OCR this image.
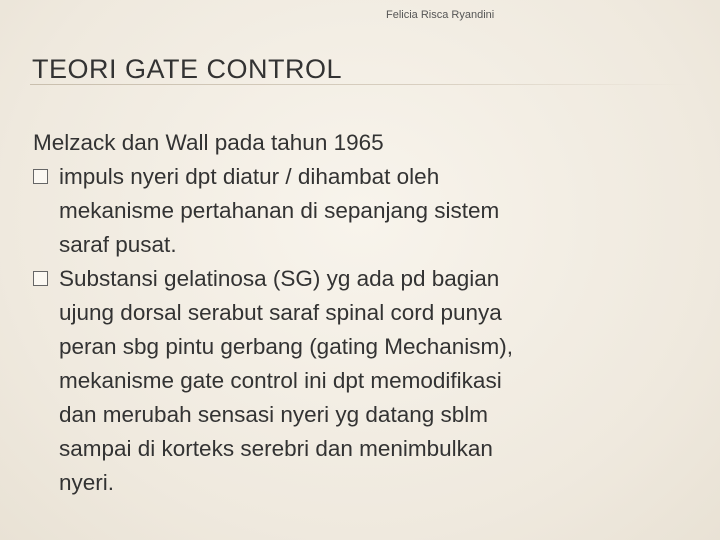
Felicia Risca Ryandini
TEORI GATE CONTROL

Melzack dan Wall pada tahun 1965

impuls nyeri dpt diatur / dihambat oleh
mekanisme pertahanan di sepanjang sistem
saraf pusat.
Substansi gelatinosa (SG) yg ada pd bagian
ujung dorsal serabut saraf spinal cord punya
peran sbg pintu gerbang (gating Mechanism),
mekanisme gate control ini dpt memodifikasi
dan merubah sensasi nyeri yg datang sblm
sampai di korteks serebri dan menimbulkan
nyeri.
